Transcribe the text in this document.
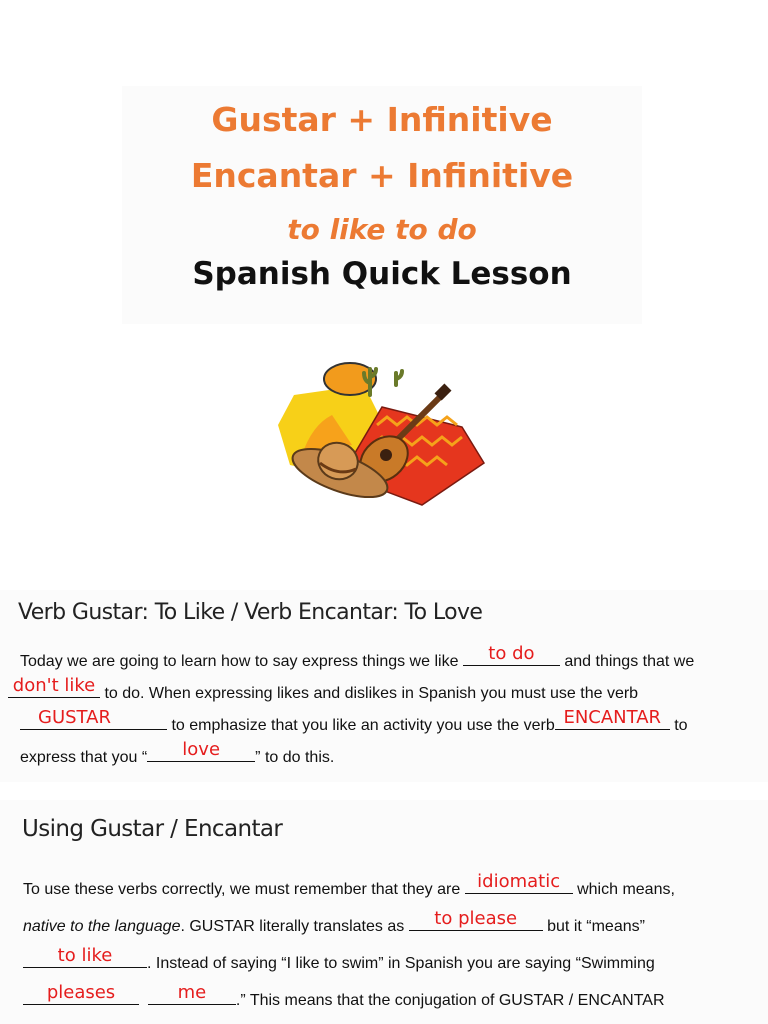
Gustar + Infinitive
Encantar + Infinitive
to like to do
Spanish Quick Lesson
Verb Gustar: To Like / Verb Encantar: To Love
Today we are going to learn how to say express things we like	to do	and things that we
don't like to do. When expressing likes and dislikes in Spanish you must use the verb
GUSTAR	to emphasize that you like an activity you use the verb ENCANTAR to
express that you “	love	” to do this.
Using Gustar / Encantar
To use these verbs correctly, we must remember that they are idiomatic which means,
native to the language. GUSTAR literally translates as	to please	but it “means”
to like	. Instead of saying “I like to swim” in Spanish you are saying “Swimming
pleases
	me	.” This means that the conjugation of GUSTAR / ENCANTAR
